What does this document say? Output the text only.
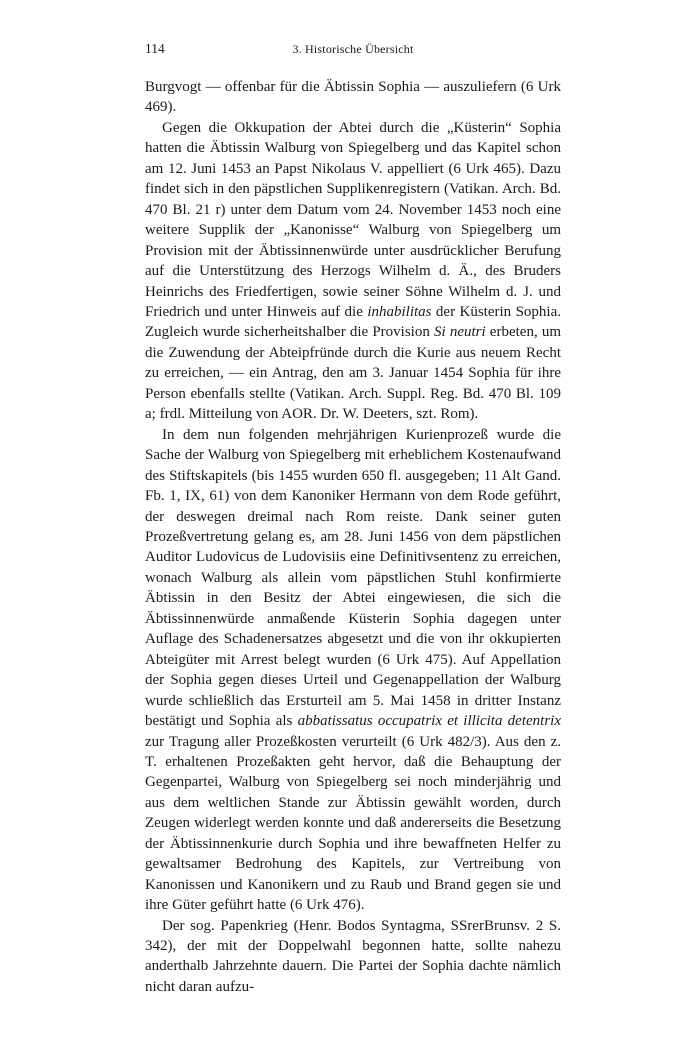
114	3. Historische Übersicht

Burgvogt — offenbar für die Äbtissin Sophia — auszuliefern (6 Urk 469).

Gegen die Okkupation der Abtei durch die „Küsterin“ Sophia hatten die Äbtissin Walburg von Spiegelberg und das Kapitel schon am 12. Juni 1453 an Papst Nikolaus V. appelliert (6 Urk 465). Dazu findet sich in den päpstlichen Supplikenregistern (Vatikan. Arch. Bd. 470 Bl. 21 r) unter dem Datum vom 24. November 1453 noch eine weitere Supplik der „Kanonisse“ Walburg von Spiegelberg um Provision mit der Äbtissinnenwürde unter ausdrücklicher Berufung auf die Unterstützung des Herzogs Wilhelm d. Ä., des Bruders Heinrichs des Friedfertigen, sowie seiner Söhne Wilhelm d. J. und Friedrich und unter Hinweis auf die inhabilitas der Küsterin Sophia. Zugleich wurde sicherheitshalber die Provision Si neutri erbeten, um die Zuwendung der Abteipfründe durch die Kurie aus neuem Recht zu erreichen, — ein Antrag, den am 3. Januar 1454 Sophia für ihre Person ebenfalls stellte (Vatikan. Arch. Suppl. Reg. Bd. 470 Bl. 109 a; frdl. Mitteilung von AOR. Dr. W. Deeters, szt. Rom).

In dem nun folgenden mehrjährigen Kurienprozeß wurde die Sache der Walburg von Spiegelberg mit erheblichem Kostenaufwand des Stiftskapitels (bis 1455 wurden 650 fl. ausgegeben; 11 Alt Gand. Fb. 1, IX, 61) von dem Kanoniker Hermann von dem Rode geführt, der deswegen dreimal nach Rom reiste. Dank seiner guten Prozeßvertretung gelang es, am 28. Juni 1456 von dem päpstlichen Auditor Ludovicus de Ludovisiis eine Definitivsentenz zu erreichen, wonach Walburg als allein vom päpstlichen Stuhl konfirmierte Äbtissin in den Besitz der Abtei eingewiesen, die sich die Äbtissinnenwürde anmaßende Küsterin Sophia dagegen unter Auflage des Schadenersatzes abgesetzt und die von ihr okkupierten Abteigüter mit Arrest belegt wurden (6 Urk 475). Auf Appellation der Sophia gegen dieses Urteil und Gegenappellation der Walburg wurde schließlich das Ersturteil am 5. Mai 1458 in dritter Instanz bestätigt und Sophia als abbatissatus occupatrix et illicita detentrix zur Tragung aller Prozeßkosten verurteilt (6 Urk 482/3). Aus den z. T. erhaltenen Prozeßakten geht hervor, daß die Behauptung der Gegenpartei, Walburg von Spiegelberg sei noch minderjährig und aus dem weltlichen Stande zur Äbtissin gewählt worden, durch Zeugen widerlegt werden konnte und daß andererseits die Besetzung der Äbtissinnenkurie durch Sophia und ihre bewaffneten Helfer zu gewaltsamer Bedrohung des Kapitels, zur Vertreibung von Kanonissen und Kanonikern und zu Raub und Brand gegen sie und ihre Güter geführt hatte (6 Urk 476).

Der sog. Papenkrieg (Henr. Bodos Syntagma, SSrerBrunsv. 2 S. 342), der mit der Doppelwahl begonnen hatte, sollte nahezu anderthalb Jahrzehnte dauern. Die Partei der Sophia dachte nämlich nicht daran aufzu-
